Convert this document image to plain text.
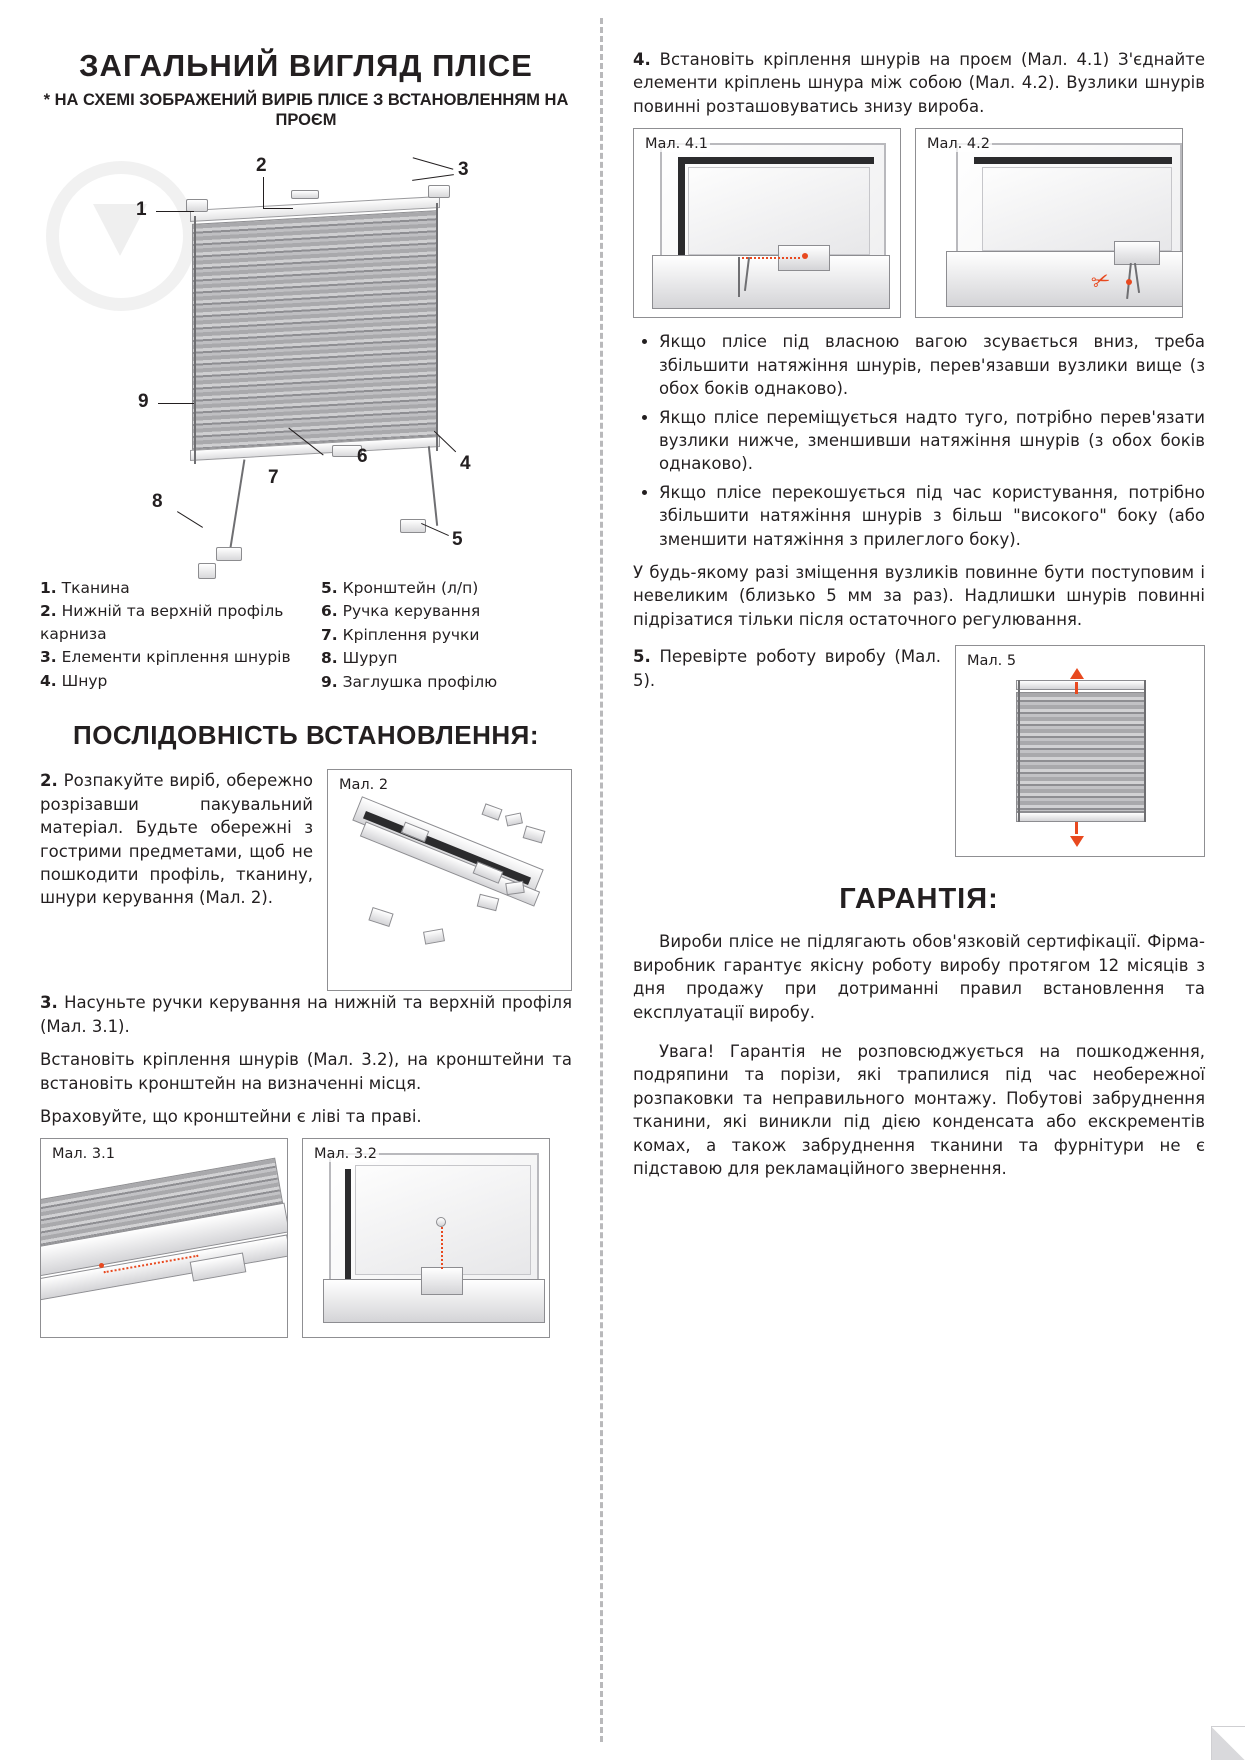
ЗАГАЛЬНИЙ ВИГЛЯД ПЛІСЕ
* НА СХЕМІ ЗОБРАЖЕНИЙ ВИРІБ ПЛІСЕ З ВСТАНОВЛЕННЯМ НА ПРОЄМ
1
2	3
9
7
6	4
8
5
1. Тканина
2. Нижній та верхній профіль карниза
3. Елементи кріплення шнурів
4. Шнур
5. Кронштейн (л/п)
6. Ручка керування
7. Кріплення ручки
8. Шуруп
9. Заглушка профілю
ПОСЛІДОВНІСТЬ ВСТАНОВЛЕННЯ:

2. Розпакуйте виріб, обережно розрізавши пакувальний матеріал. Будьте обережні з гострими предметами, щоб не пошкодити профіль, тканину, шнури керування (Мал. 2).

Мал. 2

3. Насуньте ручки керування на нижній та верхній профіля (Мал. 3.1).

Встановіть кріплення шнурів (Мал. 3.2), на кронштейни та встановіть кронштейн на визначенні місця.

Враховуйте, що кронштейни є ліві та праві.

Мал. 3.1	Мал. 3.2

4. Встановіть кріплення шнурів на проєм (Мал. 4.1) З'єднайте елементи кріплень шнура між собою (Мал. 4.2). Вузлики шнурів повинні розташовуватись знизу виробa.

Мал. 4.1	Мал. 4.2
✂
• Якщо пліcе під власною вагою зсувається вниз, треба збільшити натяжіння шнурів, перев'язавши вузлики вище (з обох боків однаково).
• Якщо пліcе переміщується надто туго, потрібно перев'язати вузлики нижче, зменшивши натяжіння шнурів (з обох боків однаково).
• Якщо пліcе перекошується під час користування, потрібно збільшити натяжіння шнурів з більш "високого" боку (або зменшити натяжіння з прилеглого боку).

У будь-якому разі зміщення вузликів повинне бути поступовим і невеликим (близько 5 мм за раз). Надлишки шнурів повинні підрізатися тільки після остаточного регулювання.

5. Перевірте роботу виробу (Мал. 5).

Мал. 5
ГАРАНТІЯ:

Вироби пліcе не підлягають обов'язковій сертифікації. Фірма-виробник гарантує якісну роботу виробу протягом 12 місяців з дня продажу при дотриманні правил встановлення та експлуатації виробу.

Увага! Гарантія не розповсюджується на пошкодження, подряпини та порізи, які трапилися під час необережної розпаковки та неправильного монтажу. Побутові забруднення тканини, які виникли під дією конденсата або екскрементів комах, а також забруднення тканини та фурнітури не є підставою для рекламаційного звернення.
